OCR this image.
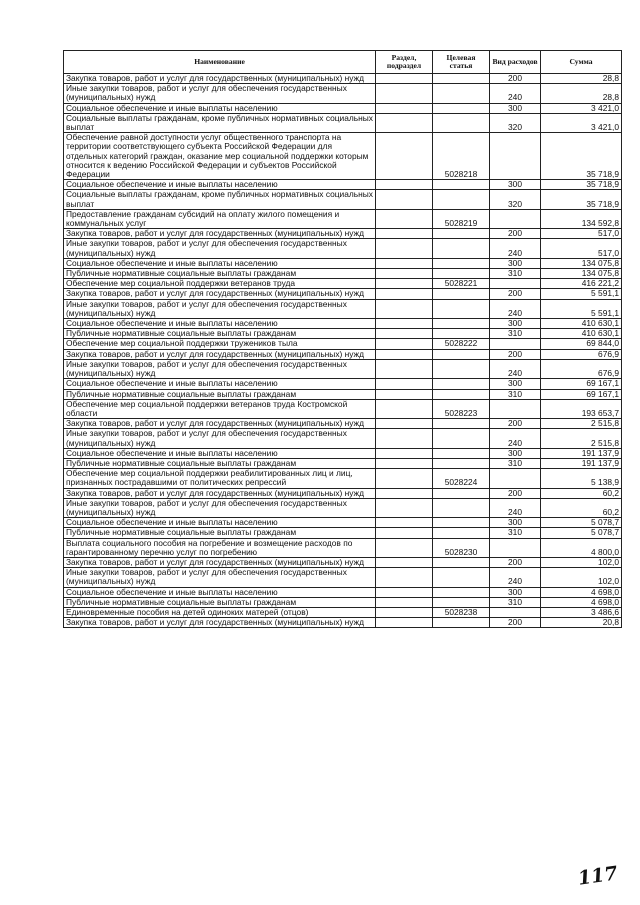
Наименование	Раздел, подраздел	Целевая статья	Вид расходов	Сумма
Закупка товаров, работ и услуг для государственных (муниципальных) нужд			200	28,8
Иные закупки товаров, работ и услуг для обеспечения государственных (муниципальных) нужд			240	28,8
Социальное обеспечение и иные выплаты населению			300	3 421,0
Социальные выплаты гражданам, кроме публичных нормативных социальных выплат			320	3 421,0
Обеспечение равной доступности услуг общественного транспорта на территории соответствующего субъекта Российской Федерации для отдельных категорий граждан, оказание мер социальной поддержки которым относится к ведению Российской Федерации и субъектов Российской Федерации		5028218		35 718,9
Социальное обеспечение и иные выплаты населению			300	35 718,9
Социальные выплаты гражданам, кроме публичных нормативных социальных выплат			320	35 718,9
Предоставление гражданам субсидий на оплату жилого помещения и коммунальных услуг		5028219		134 592,8
Закупка товаров, работ и услуг для государственных (муниципальных) нужд			200	517,0
Иные закупки товаров, работ и услуг для обеспечения государственных (муниципальных) нужд			240	517,0
Социальное обеспечение и иные выплаты населению			300	134 075,8
Публичные нормативные социальные выплаты гражданам			310	134 075,8
Обеспечение мер социальной поддержки ветеранов труда		5028221		416 221,2
Закупка товаров, работ и услуг для государственных (муниципальных) нужд			200	5 591,1
Иные закупки товаров, работ и услуг для обеспечения государственных (муниципальных) нужд			240	5 591,1
Социальное обеспечение и иные выплаты населению			300	410 630,1
Публичные нормативные социальные выплаты гражданам			310	410 630,1
Обеспечение мер социальной поддержки тружеников тыла		5028222		69 844,0
Закупка товаров, работ и услуг для государственных (муниципальных) нужд			200	676,9
Иные закупки товаров, работ и услуг для обеспечения государственных (муниципальных) нужд			240	676,9
Социальное обеспечение и иные выплаты населению			300	69 167,1
Публичные нормативные социальные выплаты гражданам			310	69 167,1
Обеспечение мер социальной поддержки ветеранов труда Костромской области		5028223		193 653,7
Закупка товаров, работ и услуг для государственных (муниципальных) нужд			200	2 515,8
Иные закупки товаров, работ и услуг для обеспечения государственных (муниципальных) нужд			240	2 515,8
Социальное обеспечение и иные выплаты населению			300	191 137,9
Публичные нормативные социальные выплаты гражданам			310	191 137,9
Обеспечение мер социальной поддержки реабилитированных лиц и лиц, признанных пострадавшими от политических репрессий		5028224		5 138,9
Закупка товаров, работ и услуг для государственных (муниципальных) нужд			200	60,2
Иные закупки товаров, работ и услуг для обеспечения государственных (муниципальных) нужд			240	60,2
Социальное обеспечение и иные выплаты населению			300	5 078,7
Публичные нормативные социальные выплаты гражданам			310	5 078,7
Выплата социального пособия на погребение и возмещение расходов по гарантированному перечню услуг по погребению		5028230		4 800,0
Закупка товаров, работ и услуг для государственных (муниципальных) нужд			200	102,0
Иные закупки товаров, работ и услуг для обеспечения государственных (муниципальных) нужд			240	102,0
Социальное обеспечение и иные выплаты населению			300	4 698,0
Публичные нормативные социальные выплаты гражданам			310	4 698,0
Единовременные пособия на детей одиноких матерей (отцов)		5028238		3 486,6
Закупка товаров, работ и услуг для государственных (муниципальных) нужд			200	20,8
117
